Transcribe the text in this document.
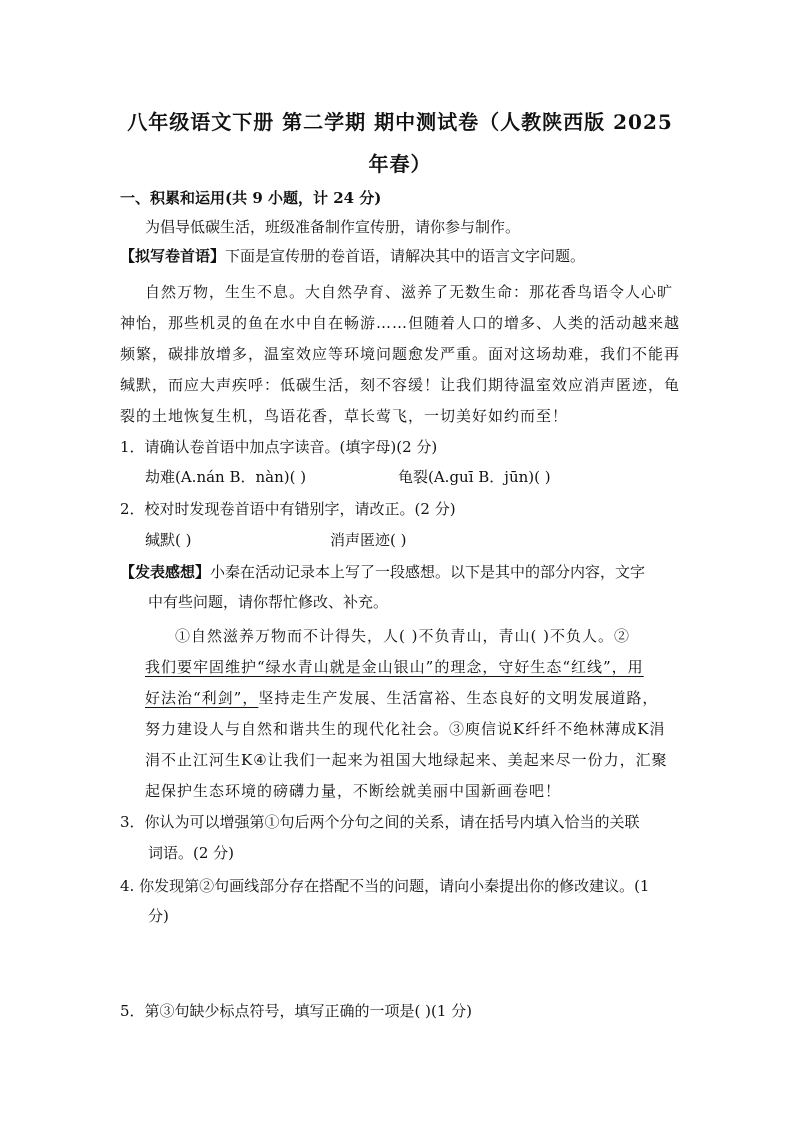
八年级语文下册 第二学期 期中测试卷（人教陕西版 2025
年春）
一、积累和运用(共 9 小题，计 24 分)
为倡导低碳生活，班级准备制作宣传册，请你参与制作。
【拟写卷首语】下面是宣传册的卷首语，请解决其中的语言文字问题。
自然万物，生生不息。大自然孕育、滋养了无数生命：那花香鸟语令人心旷
神怡，那些机灵的鱼在水中自在畅游……但随着人口的增多、人类的活动越来越
频繁，碳排放增多，温室效应等环境问题愈发严重。面对这场劫难，我们不能再
缄默，而应大声疾呼：低碳生活，刻不容缓！让我们期待温室效应消声匿迹，龟
裂的土地恢复生机，鸟语花香，草长莺飞，一切美好如约而至！
1．请确认卷首语中加点字读音。(填字母)(2 分)
劫难(A.nán B．nàn)( )	龟裂(A.guī B．jūn)( )
2．校对时发现卷首语中有错别字，请改正。(2 分)
缄默( )	消声匿迹( )
【发表感想】小秦在活动记录本上写了一段感想。以下是其中的部分内容，文字
中有些问题，请你帮忙修改、补充。
①自然滋养万物而不计得失，人( )不负青山，青山( )不负人。②
我们要牢固维护“绿水青山就是金山银山”的理念，守好生态“红线”，用
好法治“利剑”，坚持走生产发展、生活富裕、生态良好的文明发展道路，
努力建设人与自然和谐共生的现代化社会。③庾信说K纤纤不绝林薄成K涓
涓不止江河生K④让我们一起来为祖国大地绿起来、美起来尽一份力，汇聚
起保护生态环境的磅礴力量，不断绘就美丽中国新画卷吧！
3．你认为可以增强第①句后两个分句之间的关系，请在括号内填入恰当的关联
词语。(2 分)
4. 你发现第②句画线部分存在搭配不当的问题，请向小秦提出你的修改建议。(1
分)
5．第③句缺少标点符号，填写正确的一项是( )(1 分)
